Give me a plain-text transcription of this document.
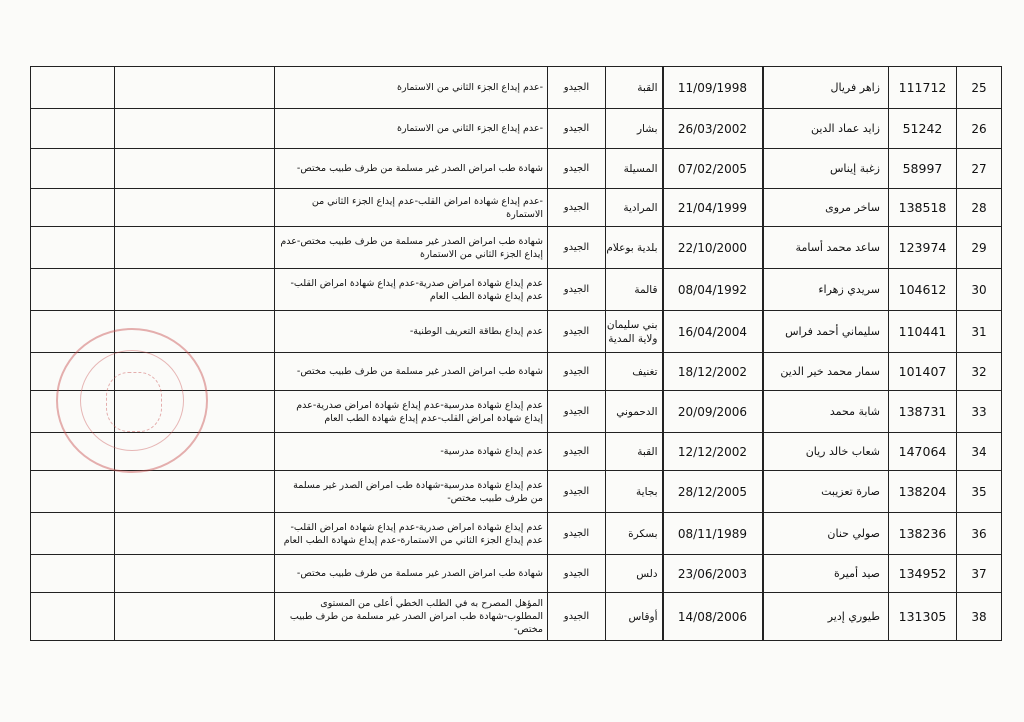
		-عدم إيداع الجزء الثاني من الاستمارة	الجيدو	القبة	11/09/1998	زاهر فريال	111712	25
		-عدم إيداع الجزء الثاني من الاستمارة	الجيدو	بشار	26/03/2002	زايد عماد الدين	51242	26
		شهادة طب امراض الصدر غير مسلمة من طرف طبيب مختص-	الجيدو	المسيلة	07/02/2005	زغبة إيناس	58997	27
		-عدم إيداع شهادة امراض القلب-عدم إيداع الجزء الثاني من الاستمارة	الجيدو	المرادية	21/04/1999	ساخر مروى	138518	28
		شهادة طب امراض الصدر غير مسلمة من طرف طبيب مختص-عدم إيداع الجزء الثاني من الاستمارة	الجيدو	بلدية بوعلام	22/10/2000	ساعد محمد أسامة	123974	29
		عدم إيداع شهادة امراض صدرية-عدم إيداع شهادة امراض القلب-عدم إيداع شهادة الطب العام	الجيدو	قالمة	08/04/1992	سريدي زهراء	104612	30
		عدم إيداع بطاقة التعريف الوطنية-	الجيدو	بني سليمان ولاية المدية	16/04/2004	سليماني أحمد فراس	110441	31
		شهادة طب امراض الصدر غير مسلمة من طرف طبيب مختص-	الجيدو	تغنيف	18/12/2002	سمار محمد خير الدين	101407	32
		عدم إيداع شهادة مدرسية-عدم إيداع شهادة امراض صدرية-عدم إيداع شهادة امراض القلب-عدم إيداع شهادة الطب العام	الجيدو	الدحموني	20/09/2006	شابة محمد	138731	33
		عدم إيداع شهادة مدرسية-	الجيدو	القبة	12/12/2002	شعاب خالد ريان	147064	34
		عدم إيداع شهادة مدرسية-شهادة طب امراض الصدر غير مسلمة من طرف طبيب مختص-	الجيدو	بجاية	28/12/2005	صارة تعزيبت	138204	35
		عدم إيداع شهادة امراض صدرية-عدم إيداع شهادة امراض القلب-عدم إيداع الجزء الثاني من الاستمارة-عدم إيداع شهادة الطب العام	الجيدو	بسكرة	08/11/1989	صولي حنان	138236	36
		شهادة طب امراض الصدر غير مسلمة من طرف طبيب مختص-	الجيدو	دلس	23/06/2003	صيد أميرة	134952	37
		المؤهل المصرح به في الطلب الخطي أعلى من المستوى المطلوب-شهادة طب امراض الصدر غير مسلمة من طرف طبيب مختص-	الجيدو	أوقاس	14/08/2006	طيوري إدير	131305	38
